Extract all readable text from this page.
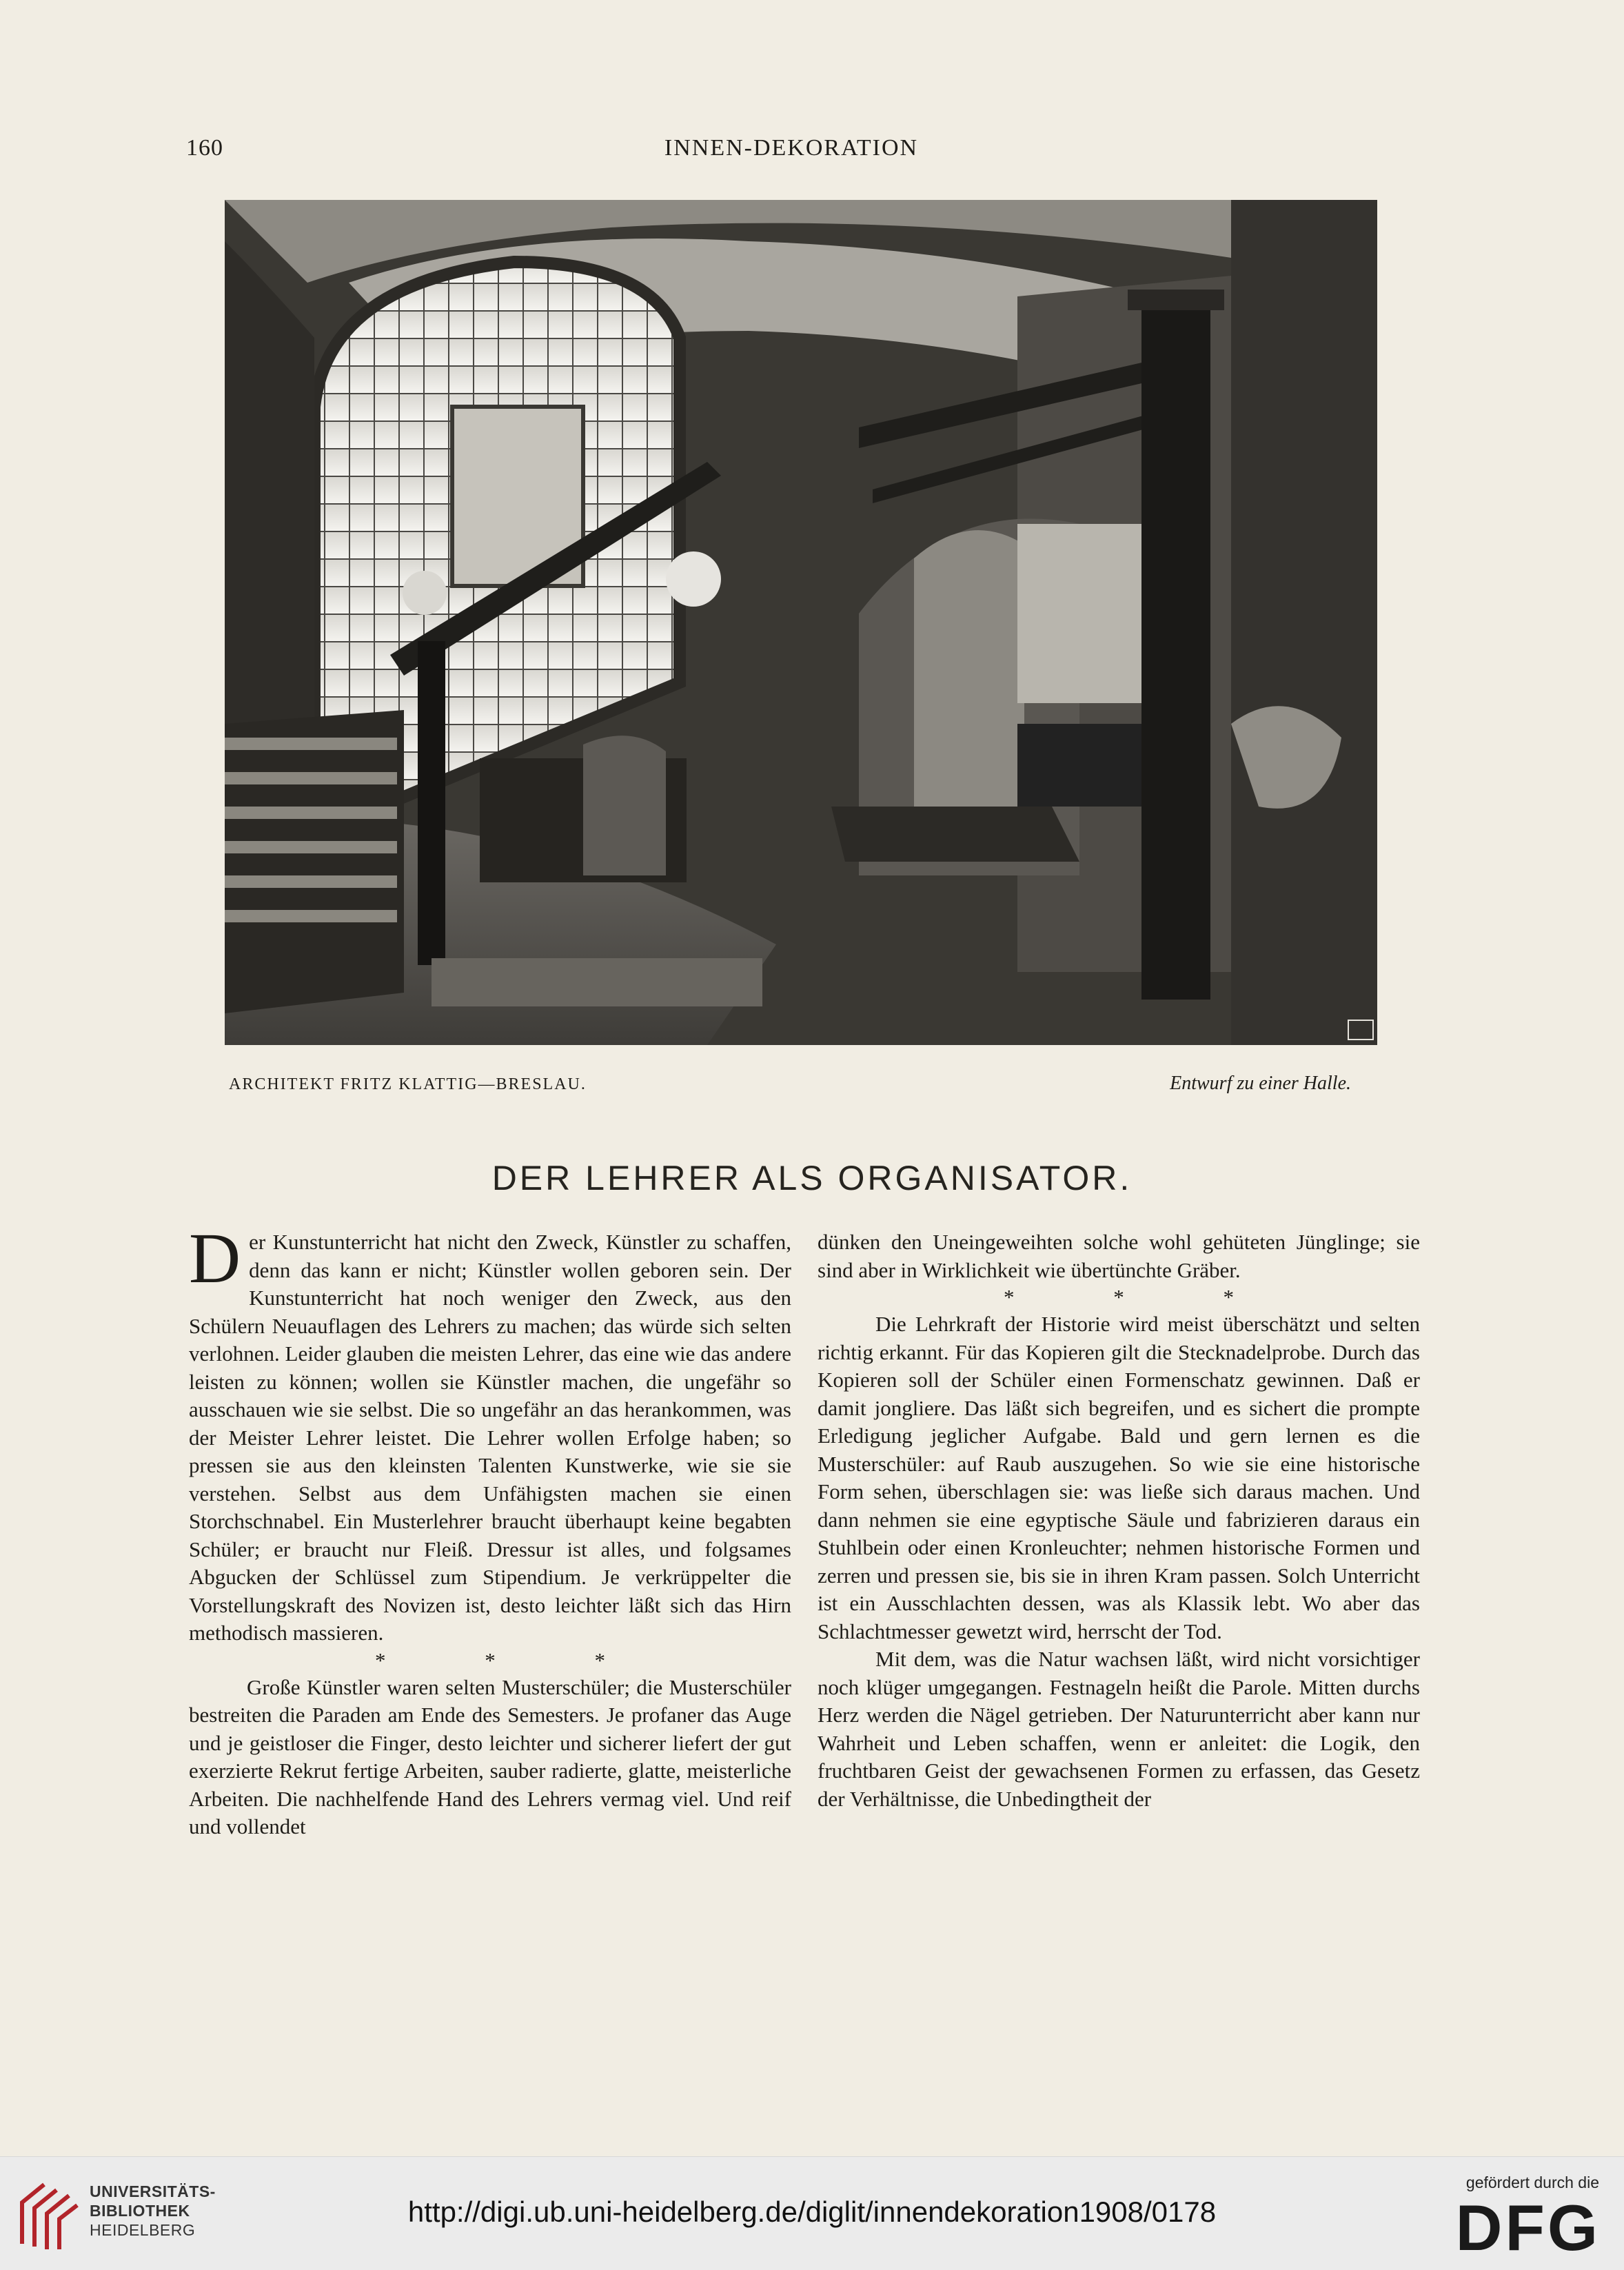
160	INNEN-DEKORATION
ARCHITEKT FRITZ KLATTIG—BRESLAU.	Entwurf zu einer Halle.
DER LEHRER ALS ORGANISATOR.

Der Kunstunterricht hat nicht den Zweck, Künstler zu schaffen, denn das kann er nicht; Künstler wollen geboren sein. Der Kunstunterricht hat noch weniger den Zweck, aus den Schülern Neuauflagen des Lehrers zu machen; das würde sich selten verlohnen. Leider glauben die meisten Lehrer, das eine wie das andere leisten zu können; wollen sie Künstler machen, die ungefähr so ausschauen wie sie selbst. Die so ungefähr an das herankommen, was der Meister Lehrer leistet. Die Lehrer wollen Erfolge haben; so pressen sie aus den kleinsten Talenten Kunstwerke, wie sie sie verstehen. Selbst aus dem Unfähigsten machen sie einen Storchschnabel. Ein Musterlehrer braucht überhaupt keine begabten Schüler; er braucht nur Fleiß. Dressur ist alles, und folgsames Abgucken der Schlüssel zum Stipendium. Je verkrüppelter die Vorstellungskraft des Novizen ist, desto leichter läßt sich das Hirn methodisch massieren.

* * *

Große Künstler waren selten Musterschüler; die Musterschüler bestreiten die Paraden am Ende des Semesters. Je profaner das Auge und je geistloser die Finger, desto leichter und sicherer liefert der gut exerzierte Rekrut fertige Arbeiten, sauber radierte, glatte, meisterliche Arbeiten. Die nachhelfende Hand des Lehrers vermag viel. Und reif und vollendet

dünken den Uneingeweihten solche wohl gehüteten Jünglinge; sie sind aber in Wirklichkeit wie übertünchte Gräber.

* * *

Die Lehrkraft der Historie wird meist überschätzt und selten richtig erkannt. Für das Kopieren gilt die Stecknadelprobe. Durch das Kopieren soll der Schüler einen Formenschatz gewinnen. Daß er damit jongliere. Das läßt sich begreifen, und es sichert die prompte Erledigung jeglicher Aufgabe. Bald und gern lernen es die Musterschüler: auf Raub auszugehen. So wie sie eine historische Form sehen, überschlagen sie: was ließe sich daraus machen. Und dann nehmen sie eine egyptische Säule und fabrizieren daraus ein Stuhlbein oder einen Kronleuchter; nehmen historische Formen und zerren und pressen sie, bis sie in ihren Kram passen. Solch Unterricht ist ein Ausschlachten dessen, was als Klassik lebt. Wo aber das Schlachtmesser gewetzt wird, herrscht der Tod.

Mit dem, was die Natur wachsen läßt, wird nicht vorsichtiger noch klüger umgegangen. Festnageln heißt die Parole. Mitten durchs Herz werden die Nägel getrieben. Der Naturunterricht aber kann nur Wahrheit und Leben schaffen, wenn er anleitet: die Logik, den fruchtbaren Geist der gewachsenen Formen zu erfassen, das Gesetz der Verhältnisse, die Unbedingtheit der

UNIVERSITÄTS-
BIBLIOTHEK
HEIDELBERG
http://digi.ub.uni-heidelberg.de/diglit/innendekoration1908/0178
gefördert durch die
DFG
